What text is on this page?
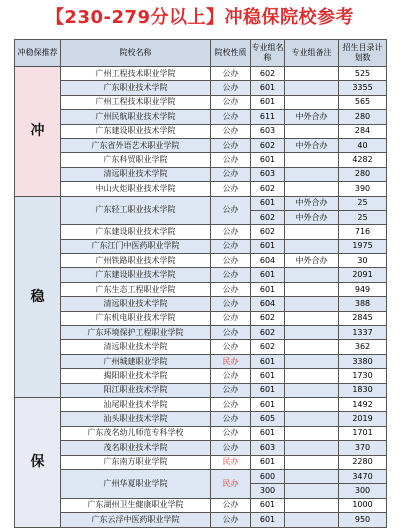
【230-279分以上】冲稳保院校参考
冲稳保推荐	院校名称	院校性质	专业组名称	专业组备注	招生目录计划数
冲	广州工程技术职业学院	公办	602		525
	广东职业技术学院	公办	601		3355
	广州工程技术职业学院	公办	601		565
	广州民航职业技术学院	公办	611	中外合办	280
	广东建设职业技术学院	公办	603		284
	广东省外语艺术职业学院	公办	602	中外合办	40
	广东科贸职业学院	公办	601		4282
	清远职业技术学院	公办	603		280
	中山火炬职业技术学院	公办	602		390
稳	广东轻工职业技术学院	公办	601	中外合办	25
			602	中外合办	25
	广东建设职业技术学院	公办	602		716
	广东江门中医药职业学院	公办	601		1975
	广州铁路职业技术学院	公办	604	中外合办	30
	广东建设职业技术学院	公办	601		2091
	广东生态工程职业学院	公办	601		949
	清远职业技术学院	公办	604		388
	广东机电职业技术学院	公办	602		2845
	广东环境保护工程职业学院	公办	602		1337
	清远职业技术学院	公办	602		362
	广州城建职业学院	民办	601		3380
	揭阳职业技术学院	公办	601		1730
	阳江职业技术学院	公办	601		1830
保	汕尾职业技术学院	公办	601		1492
	汕头职业技术学院	公办	605		2019
	广东茂名幼儿师范专科学校	公办	601		1701
	茂名职业技术学院	公办	603		370
	广东南方职业学院	民办	601		2280
	广州华夏职业学院	民办	600		3470
			300		300
	广东湖州卫生健康职业学院	公办	601		1000
	广东云浮中医药职业学院	公办	601		950
